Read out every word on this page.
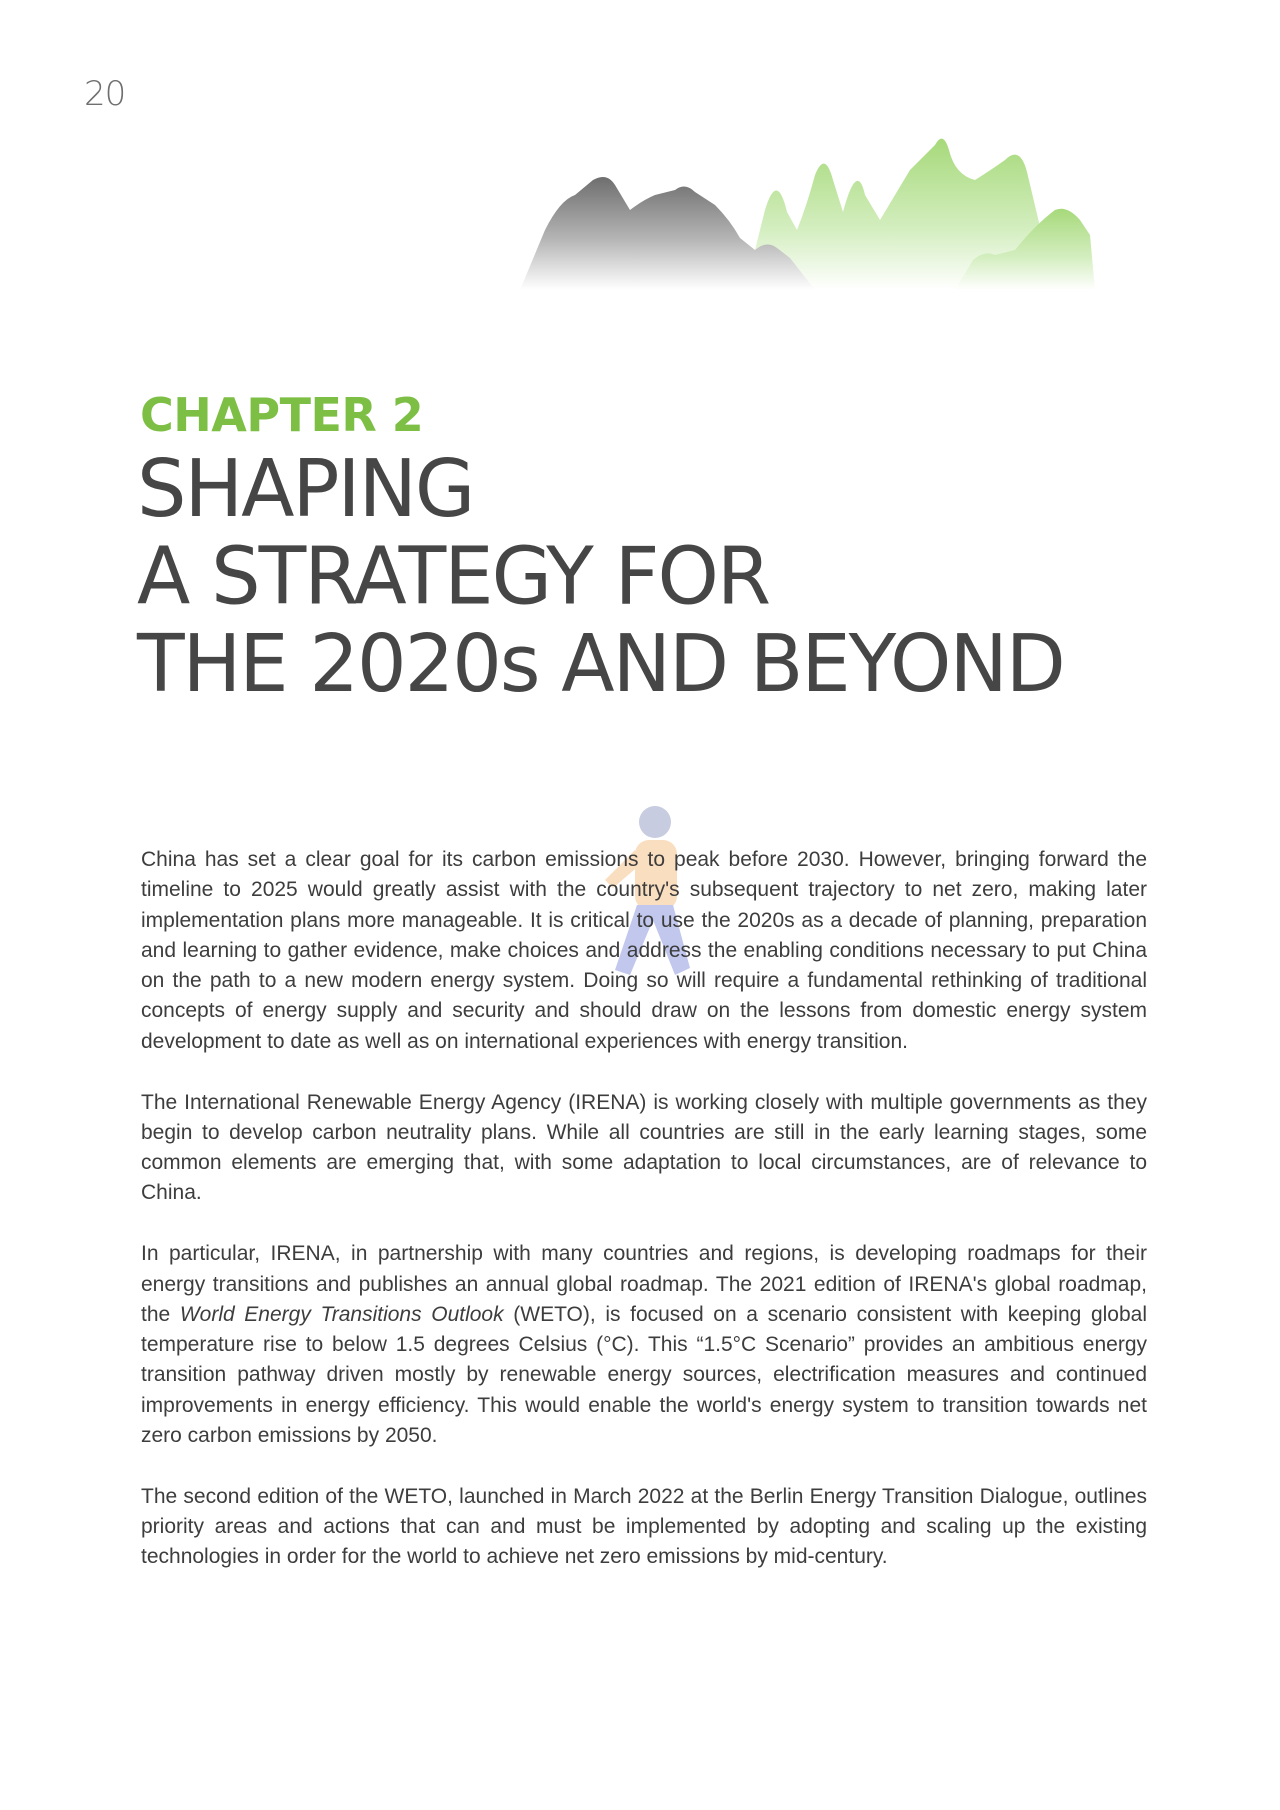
20
CHAPTER 2
SHAPING
A STRATEGY FOR
THE 2020s AND BEYOND

China has set a clear goal for its carbon emissions to peak before 2030. However, bringing forward the timeline to 2025 would greatly assist with the country's subsequent trajectory to net zero, making later implementation plans more manageable. It is critical to use the 2020s as a decade of planning, preparation and learning to gather evidence, make choices and address the enabling conditions necessary to put China on the path to a new modern energy system. Doing so will require a fundamental rethinking of traditional concepts of energy supply and security and should draw on the lessons from domestic energy system development to date as well as on international experiences with energy transition.

The International Renewable Energy Agency (IRENA) is working closely with multiple governments as they begin to develop carbon neutrality plans. While all countries are still in the early learning stages, some common elements are emerging that, with some adaptation to local circumstances, are of relevance to China.

In particular, IRENA, in partnership with many countries and regions, is developing roadmaps for their energy transitions and publishes an annual global roadmap. The 2021 edition of IRENA's global roadmap, the World Energy Transitions Outlook (WETO), is focused on a scenario consistent with keeping global temperature rise to below 1.5 degrees Celsius (°C). This “1.5°C Scenario” provides an ambitious energy transition pathway driven mostly by renewable energy sources, electrification measures and continued improvements in energy efficiency. This would enable the world's energy system to transition towards net zero carbon emissions by 2050.

The second edition of the WETO, launched in March 2022 at the Berlin Energy Transition Dialogue, outlines priority areas and actions that can and must be implemented by adopting and scaling up the existing technologies in order for the world to achieve net zero emissions by mid-century.
